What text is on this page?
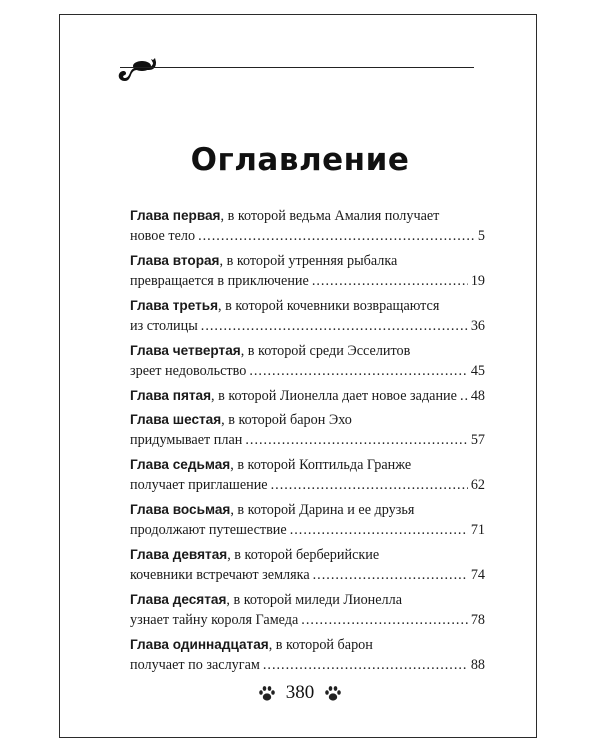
Оглавление
Глава первая, в которой ведьма Амалия получает
новое тело .....	5
Глава вторая, в которой утренняя рыбалка
превращается в приключение .....	19
Глава третья, в которой кочевники возвращаются
из столицы .....	36
Глава четвертая, в которой среди Эсселитов
зреет недовольство .....	45
Глава пятая , в которой Лионелла дает новое задание ..... 48
Глава шестая, в которой барон Эхо
придумывает план .....	57
Глава седьмая, в которой Коптильда Гранже
получает приглашение .....	62
Глава восьмая, в которой Дарина и ее друзья
продолжают путешествие .....	71
Глава девятая, в которой берберийские
кочевники встречают земляка .....	74
Глава десятая, в которой миледи Лионелла
узнает тайну короля Гамеда .....	78
Глава одиннадцатая, в которой барон
получает по заслугам .....	88
380
